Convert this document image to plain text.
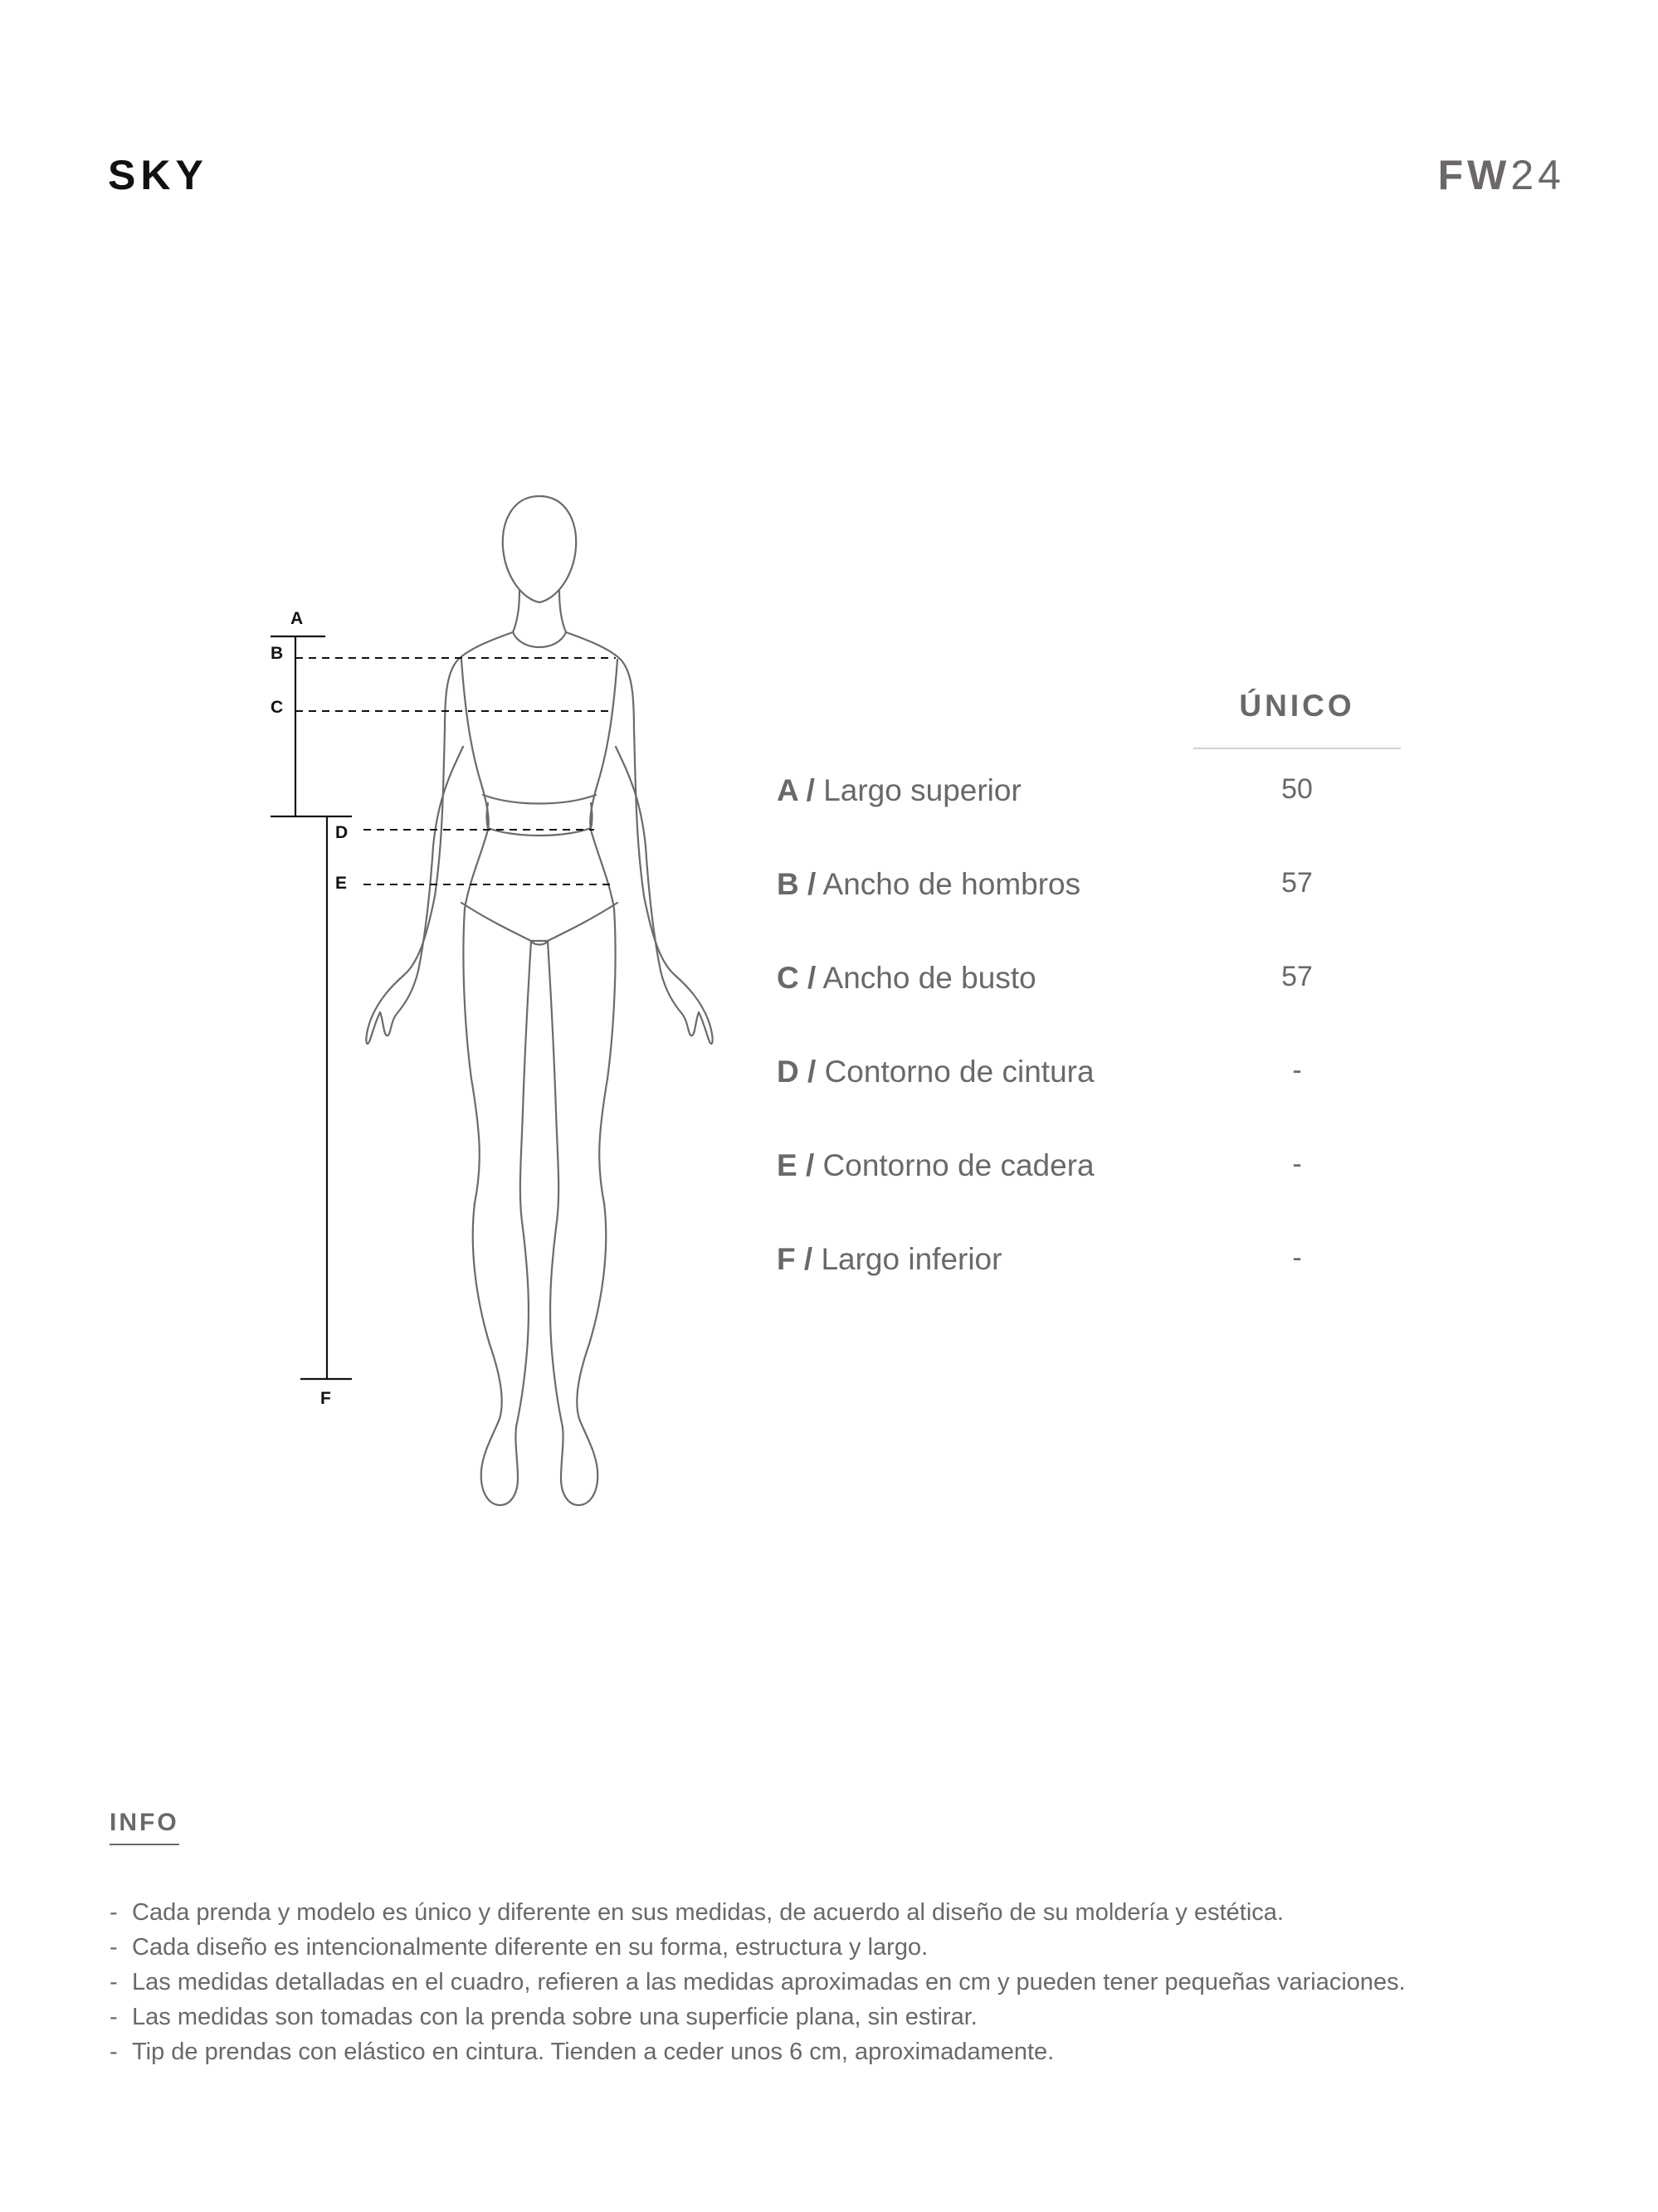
SKY	FW24
A
B
C
D
E
F
ÚNICO
A / Largo superior	50
B / Ancho de hombros	57
C / Ancho de busto	57
D / Contorno de cintura	-
E / Contorno de cadera	-
F / Largo inferior	-
INFO
- Cada prenda y modelo es único y diferente en sus medidas, de acuerdo al diseño de su moldería y estética.
- Cada diseño es intencionalmente diferente en su forma, estructura y largo.
- Las medidas detalladas en el cuadro, refieren a las medidas aproximadas en cm y pueden tener pequeñas variaciones.
- Las medidas son tomadas con la prenda sobre una superficie plana, sin estirar.
- Tip de prendas con elástico en cintura. Tienden a ceder unos 6 cm, aproximadamente.
